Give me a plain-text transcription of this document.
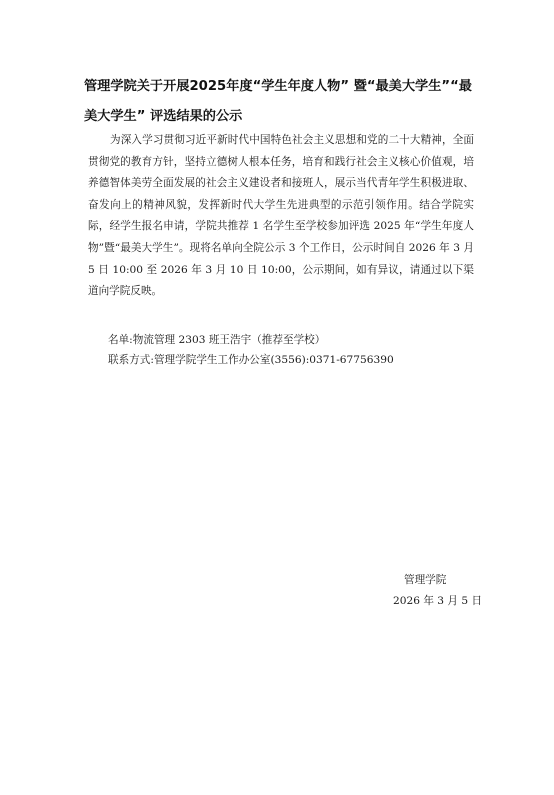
管理学院关于开展2025年度“学生年度人物” 暨“最美大学生”“最美大学生” 评选结果的公示

为深入学习贯彻习近平新时代中国特色社会主义思想和党的二十大精神，全面贯彻党的教育方针，坚持立德树人根本任务，培育和践行社会主义核心价值观，培养德智体美劳全面发展的社会主义建设者和接班人，展示当代青年学生积极进取、奋发向上的精神风貌，发挥新时代大学生先进典型的示范引领作用。结合学院实际，经学生报名申请，学院共推荐 1 名学生至学校参加评选 2025 年“学生年度人物”暨“最美大学生”。现将名单向全院公示 3 个工作日，公示时间自 2026 年 3 月 5 日 10:00 至 2026 年 3 月 10 日 10:00，公示期间，如有异议，请通过以下渠道向学院反映。

名单:物流管理 2303 班王浩宇（推荐至学校）

联系方式:管理学院学生工作办公室(3556):0371-67756390

管理学院

2026 年 3 月 5 日
